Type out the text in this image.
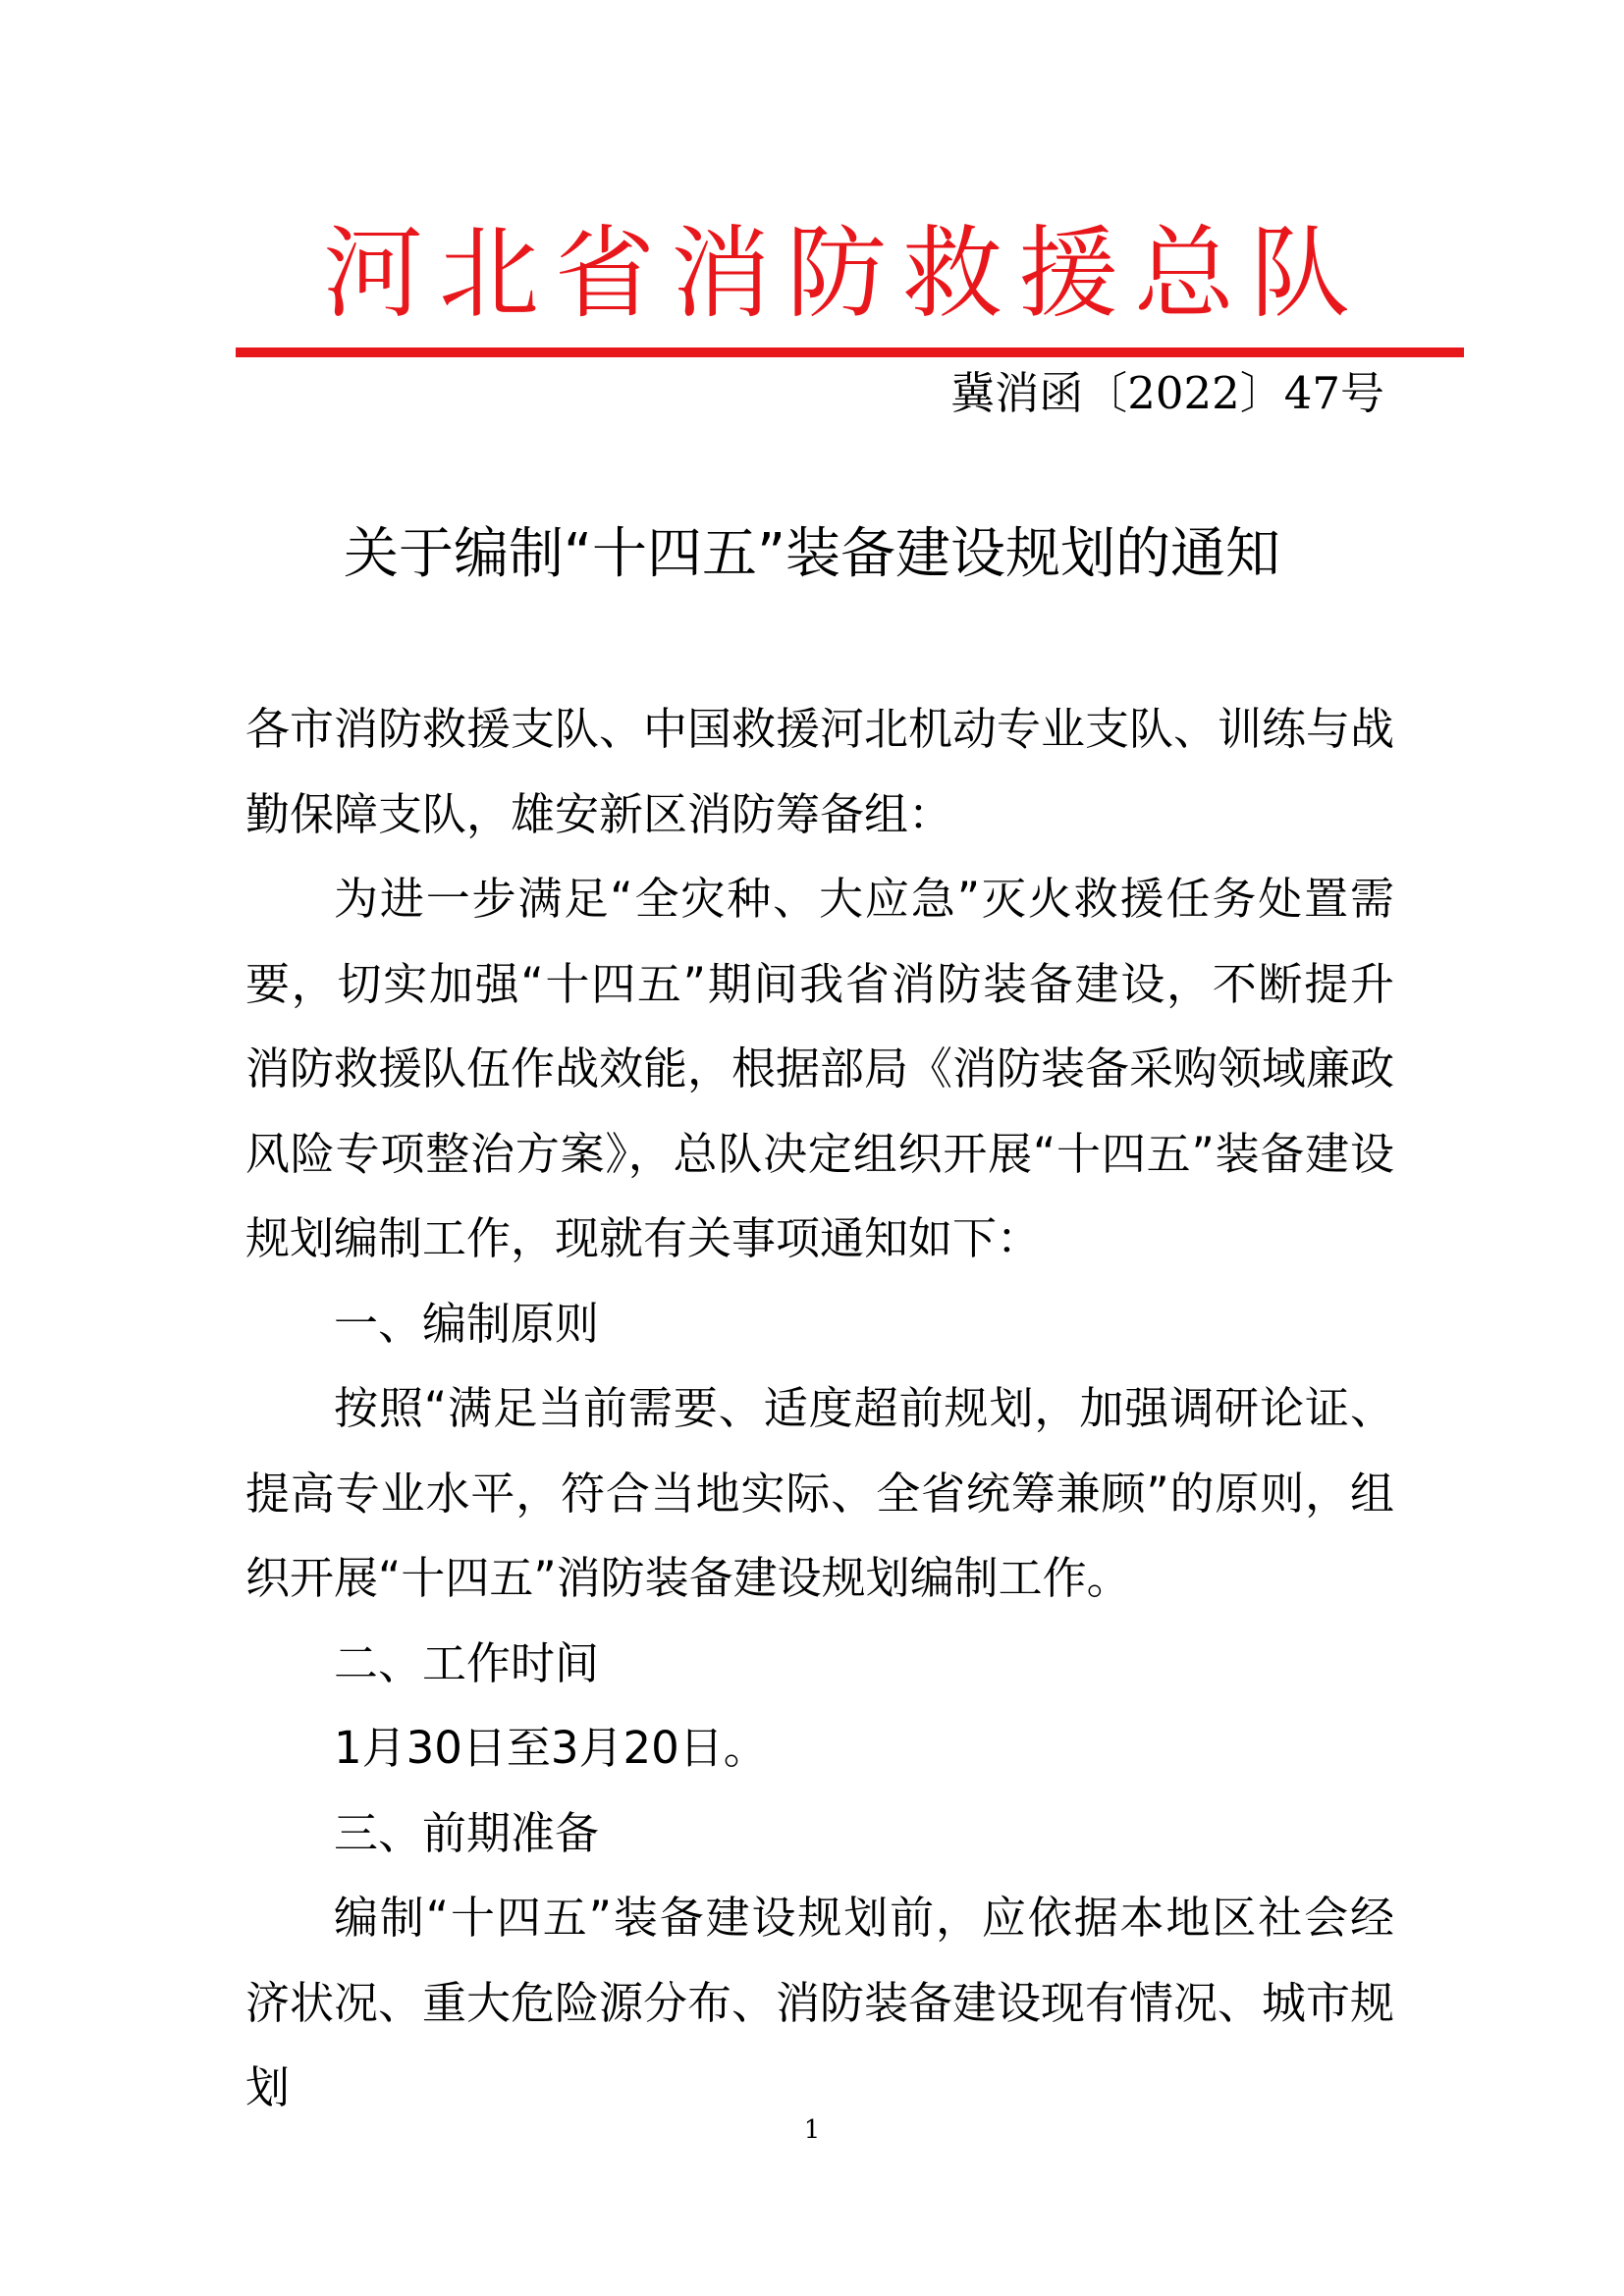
河北省消防救援总队
冀消函〔2022〕47号
关于编制“十四五”装备建设规划的通知

各市消防救援支队、中国救援河北机动专业支队、训练与战勤保障支队，雄安新区消防筹备组：

为进一步满足“全灾种、大应急”灭火救援任务处置需要，切实加强“十四五”期间我省消防装备建设，不断提升消防救援队伍作战效能，根据部局《消防装备采购领域廉政风险专项整治方案》，总队决定组织开展“十四五”装备建设规划编制工作，现就有关事项通知如下：

一、编制原则

按照“满足当前需要、适度超前规划，加强调研论证、提高专业水平，符合当地实际、全省统筹兼顾”的原则，组织开展“十四五”消防装备建设规划编制工作。

二、工作时间

1月30日至3月20日。

三、前期准备

编制“十四五”装备建设规划前，应依据本地区社会经济状况、重大危险源分布、消防装备建设现有情况、城市规划

1
